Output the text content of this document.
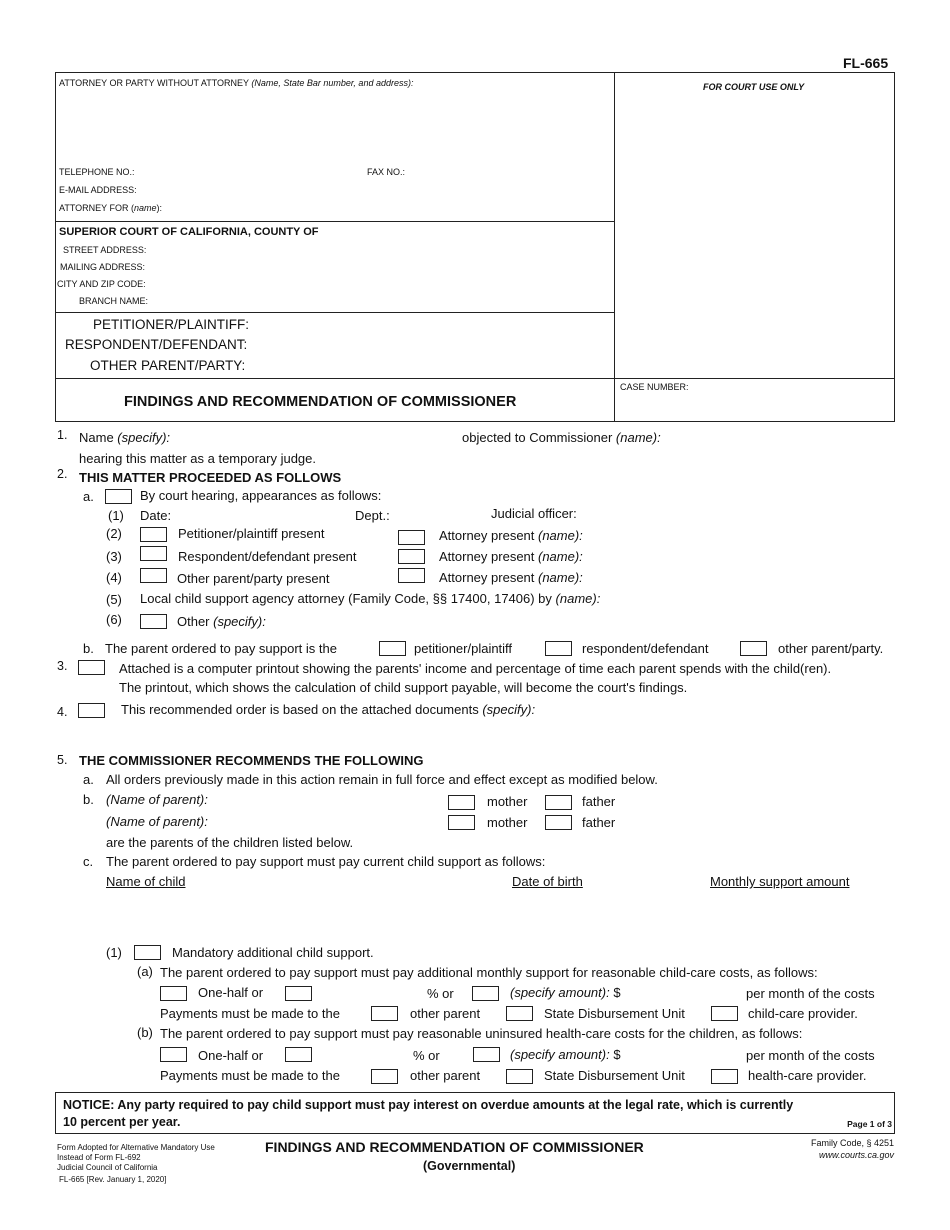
FL-665
ATTORNEY OR PARTY WITHOUT ATTORNEY (Name, State Bar number, and address):	FOR COURT USE ONLY
TELEPHONE NO.:	FAX NO.:
E-MAIL ADDRESS:
ATTORNEY FOR (name):
SUPERIOR COURT OF CALIFORNIA, COUNTY OF
STREET ADDRESS:
MAILING ADDRESS:
CITY AND ZIP CODE:
BRANCH NAME:
PETITIONER/PLAINTIFF:
RESPONDENT/DEFENDANT:
OTHER PARENT/PARTY:
CASE NUMBER:
FINDINGS AND RECOMMENDATION OF COMMISSIONER
1. Name (specify):	objected to Commissioner (name):
hearing this matter as a temporary judge.
2. THIS MATTER PROCEEDED AS FOLLOWS
a.	By court hearing, appearances as follows:
(1) Date:	Dept.:	Judicial officer:
(2)	Petitioner/plaintiff present	Attorney present (name):
(3)	Respondent/defendant present	Attorney present (name):
(4)	Other parent/party present	Attorney present (name):
(5) Local child support agency attorney (Family Code, §§ 17400, 17406) by (name):
(6)	Other (specify):
b. The parent ordered to pay support is the	petitioner/plaintiff	respondent/defendant	other parent/party.
3.	Attached is a computer printout showing the parents' income and percentage of time each parent spends with the child(ren).
The printout, which shows the calculation of child support payable, will become the court's findings.
4.	This recommended order is based on the attached documents (specify):
5. THE COMMISSIONER RECOMMENDS THE FOLLOWING
a. All orders previously made in this action remain in full force and effect except as modified below.
b. (Name of parent):	mother	father
(Name of parent):	mother	father
are the parents of the children listed below.
c. The parent ordered to pay support must pay current child support as follows:
Name of child	Date of birth	Monthly support amount
(1)	Mandatory additional child support.
(a) The parent ordered to pay support must pay additional monthly support for reasonable child-care costs, as follows:
One-half or	% or	(specify amount): $	per month of the costs
Payments must be made to the	other parent	State Disbursement Unit	child-care provider.
(b) The parent ordered to pay support must pay reasonable uninsured health-care costs for the children, as follows:
One-half or	% or	(specify amount): $	per month of the costs
Payments must be made to the	other parent	State Disbursement Unit	health-care provider.
NOTICE: Any party required to pay child support must pay interest on overdue amounts at the legal rate, which is currently
10 percent per year.	Page 1 of 3
Form Adopted for Alternative Mandatory Use
Instead of Form FL-692
Judicial Council of California
FL-665 [Rev. January 1, 2020]
FINDINGS AND RECOMMENDATION OF COMMISSIONER
(Governmental)
Family Code, § 4251
www.courts.ca.gov
